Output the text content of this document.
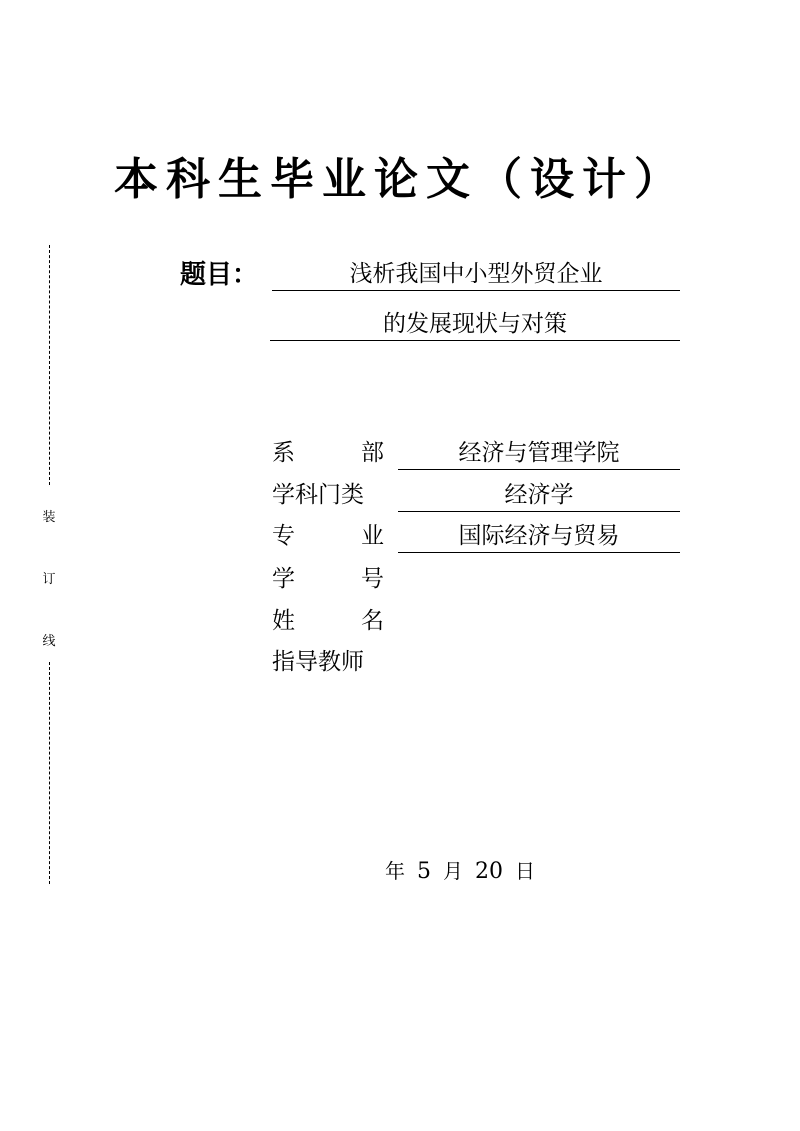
本科生毕业论文（设计）
装
订
线
题目：	浅析我国中小型外贸企业
的发展现状与对策
系	部	经济与管理学院
学科门类	经济学
专	业	国际经济与贸易
学	号
姓	名
指导教师
年 5 月 20 日
